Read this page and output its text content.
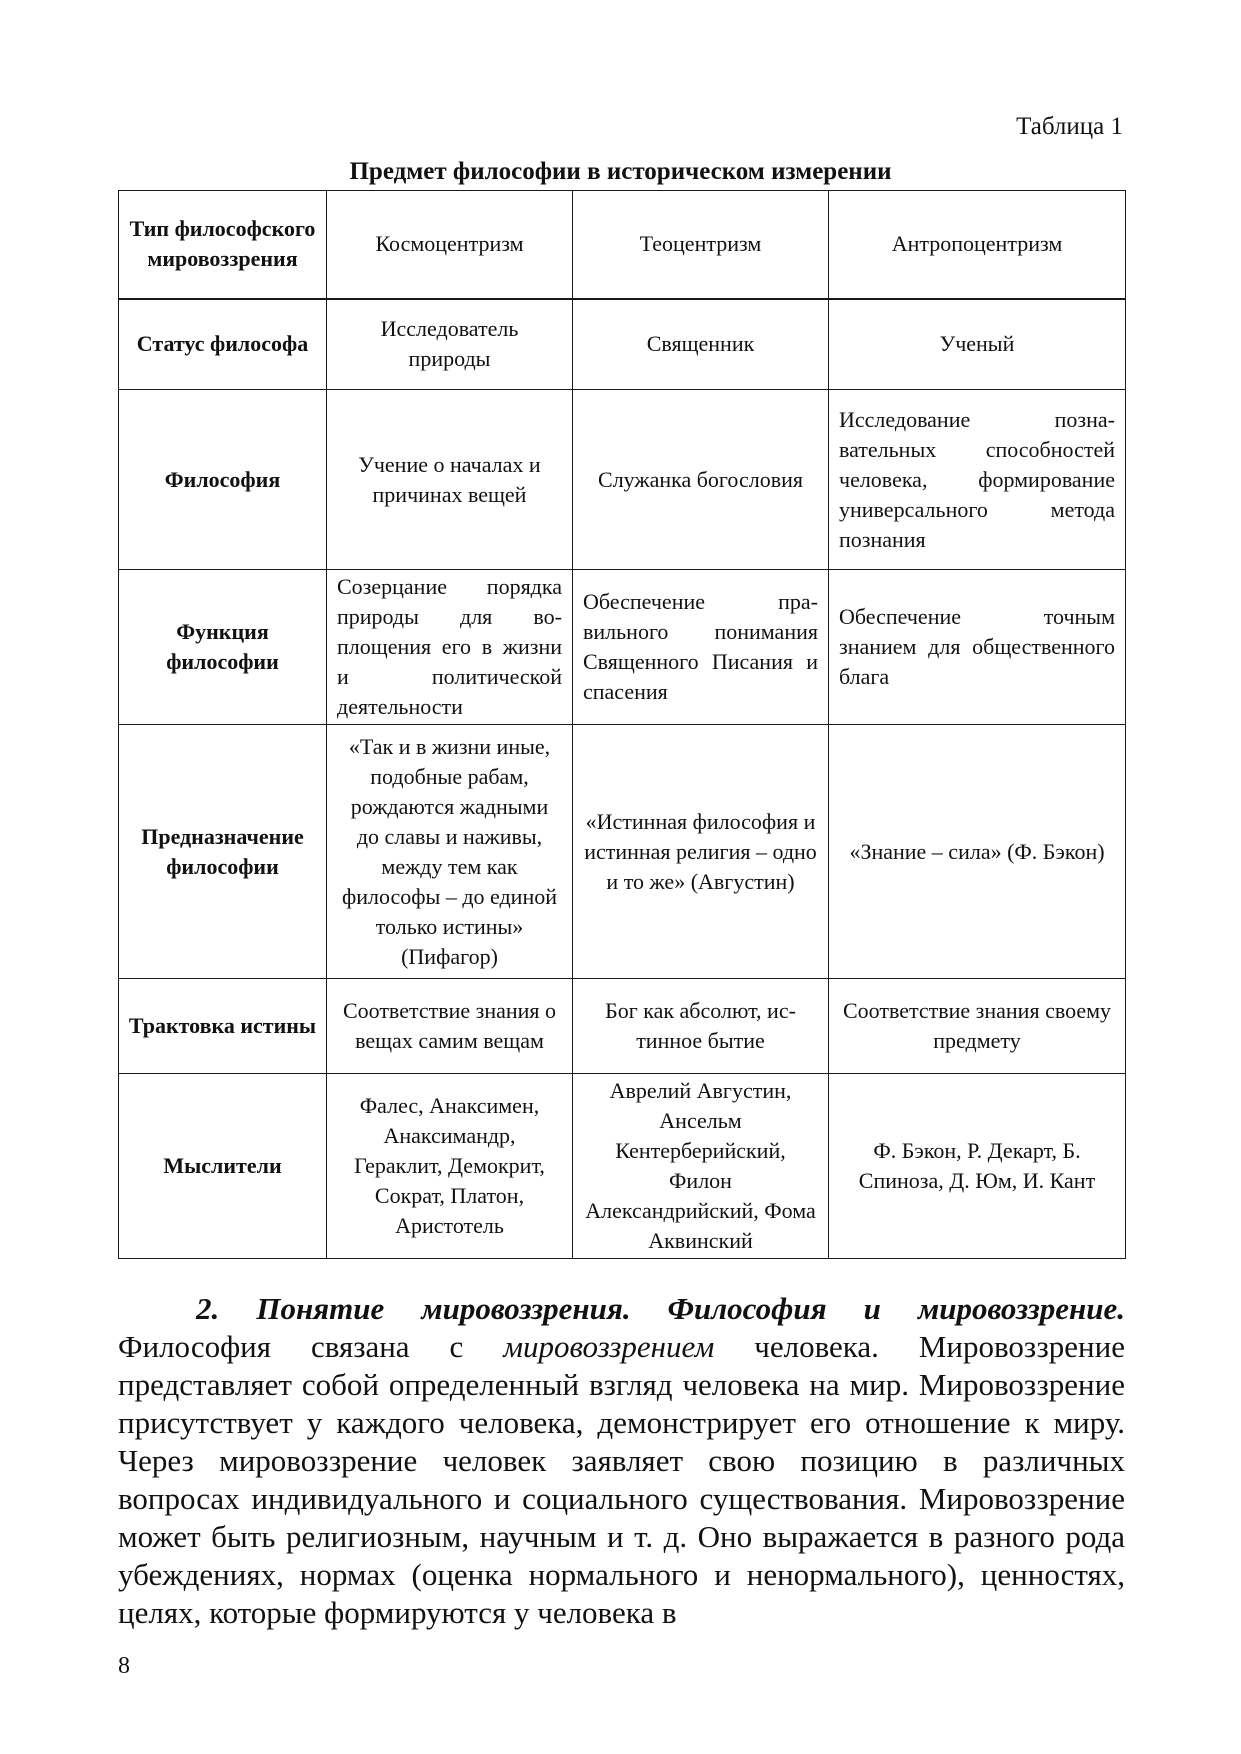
Таблица 1
Предмет философии в историческом измерении
Тип философского мировоззрения	Космоцентризм	Теоцентризм	Антропоцентризм
Статус философа	Исследователь природы	Священник	Ученый
Философия	Учение о началах и причинах вещей	Служанка богословия	Исследование познавательных способностей человека, формирование универсального метода познания
Функция философии	Созерцание порядка природы для воплощения его в жизни и политической деятельности	Обеспечение правильного понимания Священного Писания и спасения	Обеспечение точным знанием для общественного блага
Предназначение философии	«Так и в жизни иные, подобные рабам, рождаются жадными до славы и наживы, между тем как философы – до единой только истины» (Пифагор)	«Истинная философия и истинная религия – одно и то же» (Августин)	«Знание – сила» (Ф. Бэкон)
Трактовка истины	Соответствие знания о вещах самим вещам	Бог как абсолют, истинное бытие	Соответствие знания своему предмету
Мыслители	Фалес, Анаксимен, Анаксимандр, Гераклит, Демокрит, Сократ, Платон, Аристотель	Аврелий Августин, Ансельм Кентерберийский, Филон Александрийский, Фома Аквинский	Ф. Бэкон, Р. Декарт, Б. Спиноза, Д. Юм, И. Кант
2. Понятие мировоззрения. Философия и мировоззрение. Философия связана с мировоззрением человека. Мировоззрение представляет собой определенный взгляд человека на мир. Мировоззрение присутствует у каждого человека, демонстрирует его отношение к миру. Через мировоззрение человек заявляет свою позицию в различных вопросах индивидуального и социального существования. Мировоззрение может быть религиозным, научным и т. д. Оно выражается в разного рода убеждениях, нормах (оценка нормального и ненормального), ценностях, целях, которые формируются у человека в
8
